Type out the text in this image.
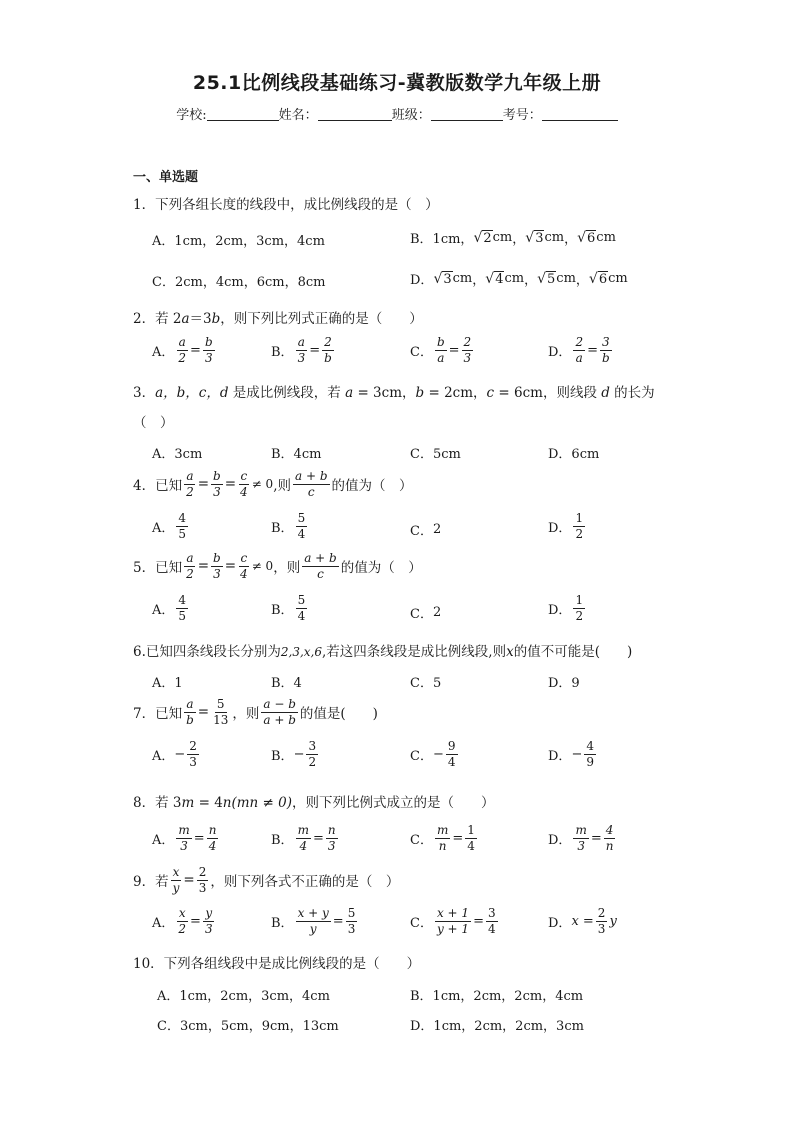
25.1比例线段基础练习-冀教版数学九年级上册
学校:	姓名：	班级：	考号：
一、单选题
1．下列各组长度的线段中，成比例线段的是（　）
A．1cm，2cm，3cm，4cm	B．1cm， √2 cm ， √3 cm ， √6 cm
C．2cm，4cm，6cm，8cm	D． √3 cm ， √4 cm ， √5 cm ， √6 cm
2．若 2a＝3b，则下列比列式正确的是（　　）
A． $\frac{a}{2} = \frac{b}{3}$	B． $\frac{a}{3} = \frac{2}{b}$	C． $\frac{b}{a} = \frac{2}{3}$	D． $\frac{2}{a} = \frac{3}{b}$
3．a，b，c，d 是成比例线段，若 a = 3cm，b = 2cm，c = 6cm，则线段 d 的长为
（　）
A．3cm	B．4cm	C．5cm	D．6cm
4．已知 $\frac{a}{2} = \frac{b}{3} = \frac{c}{4} \ne 0$ ,则 $\frac{a + b}{c}$ 的值为（　）
A． $\frac{4}{5}$	B． $\frac{5}{4}$	C． 2	D． $\frac{1}{2}$
5．已知 $\frac{a}{2} = \frac{b}{3} = \frac{c}{4} \ne 0$ ，则 $\frac{a + b}{c}$ 的值为（　）
A． $\frac{4}{5}$	B． $\frac{5}{4}$	C． 2	D． $\frac{1}{2}$
6.已知四条线段长分别为2,3,x,6,若这四条线段是成比例线段,则x的值不可能是(　　)
A．1	B．4	C．5	D．9
7．已知 $\frac{a}{b} = \frac{5}{13}$ ，则 $\frac{a - b}{a + b}$ 的值是(　　)
A． − $\frac{2}{3}$	B． − $\frac{3}{2}$	C． − $\frac{9}{4}$	D． − $\frac{4}{9}$
8．若 3m = 4n(mn ≠ 0)，则下列比例式成立的是（　　）
A． $\frac{m}{3} = \frac{n}{4}$	B． $\frac{m}{4} = \frac{n}{3}$	C． $\frac{m}{n} = \frac{1}{4}$	D． $\frac{m}{3} = \frac{4}{n}$
9．若 $\frac{x}{y} = \frac{2}{3}$ ，则下列各式不正确的是（　）
A． $\frac{x}{2} = \frac{y}{3}$	B． $\frac{x + y}{y} = \frac{5}{3}$	C． $\frac{x + 1}{y + 1} = \frac{3}{4}$	D． $x = \frac{2}{3}$ y
10．下列各组线段中是成比例线段的是（　　）
A．1cm，2cm，3cm，4cm	B．1cm，2cm，2cm，4cm
C．3cm，5cm，9cm，13cm	D．1cm，2cm，2cm，3cm
